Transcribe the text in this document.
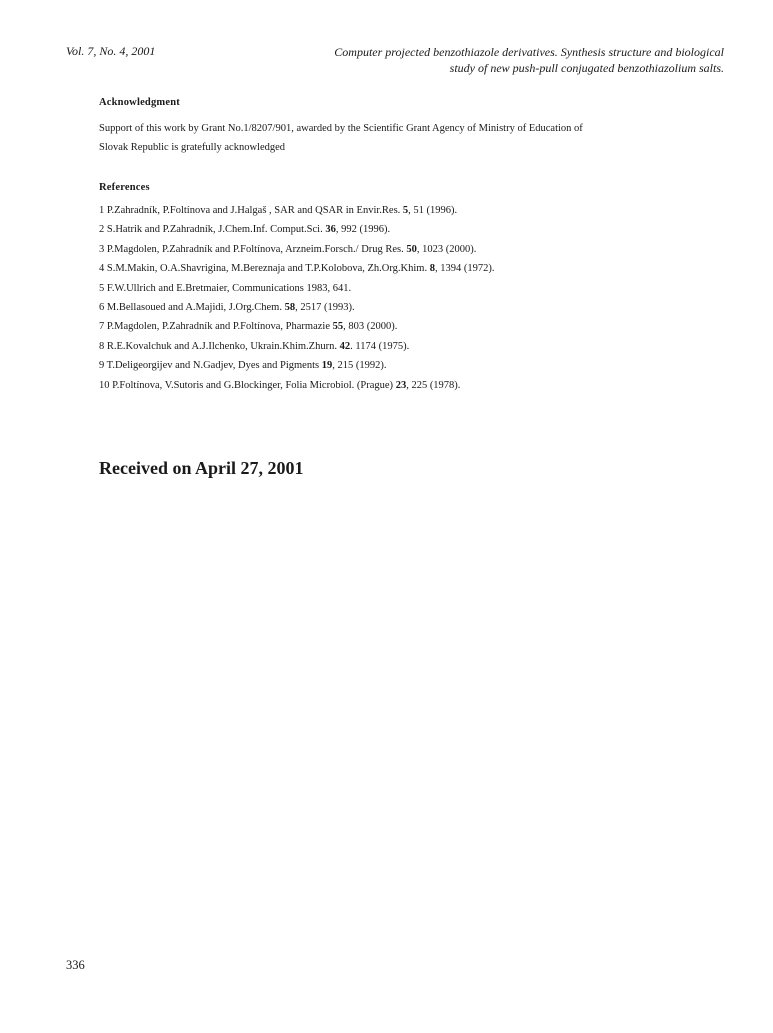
Vol. 7, No. 4, 2001	Computer projected benzothiazole derivatives. Synthesis structure and biological
study of new push-pull conjugated benzothiazolium salts.
Acknowledgment
Support of this work by Grant No.1/8207/901, awarded by the Scientific Grant Agency of Ministry of Education of
Slovak Republic is gratefully acknowledged
References
1 P.Zahradník, P.Foltínova and J.Halgaš , SAR and QSAR in Envir.Res. 5, 51 (1996).
2 S.Hatrik and P.Zahradník, J.Chem.Inf. Comput.Sci. 36, 992 (1996).
3 P.Magdolen, P.Zahradník and P.Foltínova, Arzneim.Forsch./ Drug Res. 50, 1023 (2000).
4 S.M.Makin, O.A.Shavrigina, M.Bereznaja and T.P.Kolobova, Zh.Org.Khim. 8, 1394 (1972).
5 F.W.Ullrich and E.Bretmaier, Communications 1983, 641.
6 M.Bellasoued and A.Majidi, J.Org.Chem. 58, 2517 (1993).
7 P.Magdolen, P.Zahradník and P.Foltínova, Pharmazie 55, 803 (2000).
8 R.E.Kovalchuk and A.J.Ilchenko, Ukrain.Khim.Zhurn. 42. 1174 (1975).
9 T.Deligeorgijev and N.Gadjev, Dyes and Pigments 19, 215 (1992).
10 P.Foltínova, V.Sutoris and G.Blockinger, Folia Microbiol. (Prague) 23, 225 (1978).
Received on April 27, 2001
336
